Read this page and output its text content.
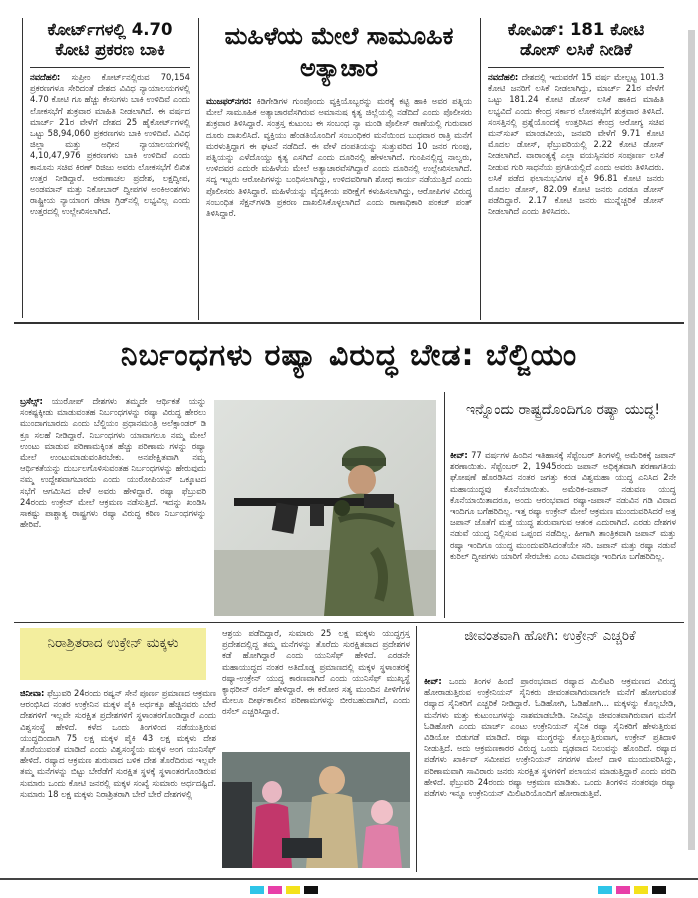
ಕೋರ್ಟ್‌ಗಳಲ್ಲಿ 4.70 ಕೋಟಿ ಪ್ರಕರಣ ಬಾಕಿ
ನವದೆಹಲಿ: ಸುಪ್ರೀಂ ಕೋರ್ಟ್‌ನಲ್ಲಿರುವ 70,154 ಪ್ರಕರಣಗಳೂ ಸೇರಿದಂತೆ ದೇಶದ ವಿವಿಧ ನ್ಯಾಯಾಲಯಗಳಲ್ಲಿ 4.70 ಕೋಟಿ ಗೂ ಹೆಚ್ಚು ಕೇಸುಗಳು ಬಾಕಿ ಉಳಿದಿವೆ ಎಂದು ಲೋಕಸಭೆಗೆ ಶುಕ್ರವಾರ ಮಾಹಿತಿ ನೀಡಲಾಗಿದೆ. ಈ ವರ್ಷದ ಮಾರ್ಚ್ 21ರ ವೇಳೆಗೆ ದೇಶದ 25 ಹೈಕೋರ್ಟ್‌ಗಳಲ್ಲಿ ಒಟ್ಟು 58,94,060 ಪ್ರಕರಣಗಳು ಬಾಕಿ ಉಳಿದಿವೆ. ವಿವಿಧ ಜಿಲ್ಲಾ ಮತ್ತು ಅಧೀನ ನ್ಯಾಯಾಲಯಗಳಲ್ಲಿ 4,10,47,976 ಪ್ರಕರಣಗಳು ಬಾಕಿ ಉಳಿದಿವೆ ಎಂದು ಕಾನೂನು ಸಚಿವ ಕಿರಣ್ ರಿಜಿಜು ಅವರು ಲೋಕಸಭೆಗೆ ಲಿಖಿತ ಉತ್ತರ ನೀಡಿದ್ದಾರೆ. ಅರುಣಾಚಲ ಪ್ರದೇಶ, ಲಕ್ಷದ್ವೀಪ, ಅಂಡಮಾನ್ ಮತ್ತು ನಿಕೋಬಾರ್ ದ್ವೀಪಗಳ ಅಂಕಿಅಂಶಗಳು ರಾಷ್ಟ್ರೀಯ ನ್ಯಾಯಾಂಗ ಡೇಟಾ ಗ್ರಿಡ್‌ನಲ್ಲಿ ಲಭ್ಯವಿಲ್ಲ ಎಂದು ಉತ್ತರದಲ್ಲಿ ಉಲ್ಲೇಖಿಸಲಾಗಿದೆ.
ಮಹಿಳೆಯ ಮೇಲೆ ಸಾಮೂಹಿಕ ಅತ್ಯಾಚಾರ
ಮುಜಫರ್‌ನಗರ: ಕಿಡಿಗೇಡಿಗಳ ಗುಂಪೊಂದು ವ್ಯಕ್ತಿಯೊಬ್ಬರನ್ನು ಮರಕ್ಕೆ ಕಟ್ಟಿ ಹಾಕಿ ಅವರ ಪತ್ನಿಯ ಮೇಲೆ ಸಾಮೂಹಿಕ ಅತ್ಯಾಚಾರವೆಸಗಿರುವ ಅಮಾನುಷ ಕೃತ್ಯ ಜಿಲ್ಲೆಯಲ್ಲಿ ನಡೆದಿದೆ ಎಂದು ಪೊಲೀಸರು ಶುಕ್ರವಾರ ತಿಳಿಸಿದ್ದಾರೆ. ಸಂತ್ರಸ್ತ ಕುಟುಂಬ ಈ ಸಂಬಂಧ ನ್ಯಾ ಮಂಡಿ ಪೊಲೀಸ್ ಠಾಣೆಯಲ್ಲಿ ಗುರುವಾರ ದೂರು ದಾಖಲಿಸಿದೆ. ವ್ಯಕ್ತಿಯು ಹೆಂಡತಿಯೊಂದಿಗೆ ಸಂಬಂಧಿಕರ ಮನೆಯಿಂದ ಬುಧವಾರ ರಾತ್ರಿ ಮನೆಗೆ ಮರಳುತ್ತಿದ್ದಾಗ ಈ ಘಟನೆ ನಡೆದಿದೆ. ಈ ವೇಳೆ ದಂಪತಿಯನ್ನು ಸುತ್ತುವರಿದ 10 ಜನರ ಗುಂಪು, ಪತ್ನಿಯನ್ನು ಎಳೆದೊಯ್ದು ಕೃತ್ಯ ಎಸಗಿದೆ ಎಂದು ದೂರಿನಲ್ಲಿ ಹೇಳಲಾಗಿದೆ. ಗುಂಪಿನಲ್ಲಿದ್ದ ನಾಲ್ವರು, ಉಳಿದವರ ಎದುರೇ ಮಹಿಳೆಯ ಮೇಲೆ ಅತ್ಯಾಚಾರವೆಸಗಿದ್ದಾರೆ ಎಂದು ದೂರಿನಲ್ಲಿ ಉಲ್ಲೇಖಿಸಲಾಗಿದೆ. ಸದ್ಯ ಇಬ್ಬರು ಆರೋಪಿಗಳನ್ನು ಬಂಧಿಸಲಾಗಿದ್ದು, ಉಳಿದವರಿಗಾಗಿ ಶೋಧ ಕಾರ್ಯ ನಡೆಯುತ್ತಿದೆ ಎಂದು ಪೊಲೀಸರು ತಿಳಿಸಿದ್ದಾರೆ. ಮಹಿಳೆಯನ್ನು ವೈದ್ಯಕೀಯ ಪರೀಕ್ಷೆಗೆ ಕಳುಹಿಸಲಾಗಿದ್ದು, ಆರೋಪಿಗಳ ವಿರುದ್ಧ ಸಂಬಂಧಿತ ಸೆಕ್ಷನ್‌ಗಳಡಿ ಪ್ರಕರಣ ದಾಖಲಿಸಿಕೊಳ್ಳಲಾಗಿದೆ ಎಂದು ಠಾಣಾಧಿಕಾರಿ ಪಂಕಜ್ ಪಂತ್ ತಿಳಿಸಿದ್ದಾರೆ.
ಕೋವಿಡ್: 181 ಕೋಟಿ ಡೋಸ್ ಲಸಿಕೆ ನೀಡಿಕೆ
ನವದೆಹಲಿ: ದೇಶದಲ್ಲಿ ಇದುವರೆಗೆ 15 ವರ್ಷ ಮೇಲ್ಪಟ್ಟ 101.3 ಕೋಟಿ ಜನರಿಗೆ ಲಸಿಕೆ ನೀಡಲಾಗಿದ್ದು, ಮಾರ್ಚ್ 21ರ ವೇಳೆಗೆ ಒಟ್ಟು 181.24 ಕೋಟಿ ಡೋಸ್ ಲಸಿಕೆ ಹಾಕಿದ ಮಾಹಿತಿ ಲಭ್ಯವಿದೆ ಎಂದು ಕೇಂದ್ರ ಸರ್ಕಾರ ಲೋಕಸಭೆಗೆ ಶುಕ್ರವಾರ ತಿಳಿಸಿದೆ. ಸಂಸತ್ತಿನಲ್ಲಿ ಪ್ರಶ್ನೆಯೊಂದಕ್ಕೆ ಉತ್ತರಿಸಿದ ಕೇಂದ್ರ ಆರೋಗ್ಯ ಸಚಿವ ಮನ್‌ಸುಖ್ ಮಾಂಡವೀಯ, ಜನವರಿ ವೇಳೆಗೆ 9.71 ಕೋಟಿ ಮೊದಲ ಡೋಸ್, ಫೆಬ್ರುವರಿಯಲ್ಲಿ 2.22 ಕೋಟಿ ಡೋಸ್ ನೀಡಲಾಗಿದೆ. ವಾರಾಂತ್ಯಕ್ಕೆ ಎಲ್ಲಾ ವಯಸ್ಸಿನವರ ಸಂಪೂರ್ಣ ಲಸಿಕೆ ನೀಡುವ ಗುರಿ ಸಾಧನೆಯ ಪ್ರಗತಿಯಲ್ಲಿದೆ ಎಂದು ಅವರು ತಿಳಿಸಿದರು. ಲಸಿಕೆ ಪಡೆದ ಫಲಾನುಭವಿಗಳ ಪೈಕಿ 96.81 ಕೋಟಿ ಜನರು ಮೊದಲ ಡೋಸ್, 82.09 ಕೋಟಿ ಜನರು ಎರಡೂ ಡೋಸ್ ಪಡೆದಿದ್ದಾರೆ. 2.17 ಕೋಟಿ ಜನರು ಮುನ್ನೆಚ್ಚರಿಕೆ ಡೋಸ್ ನೀಡಲಾಗಿದೆ ಎಂದು ತಿಳಿಸಿದರು.
ನಿರ್ಬಂಧಗಳು ರಷ್ಯಾ ವಿರುದ್ಧ ಬೇಡ: ಬೆಲ್ಜಿಯಂ
ಬ್ರಸೆಲ್ಸ್: ಯುರೋಪ್ ದೇಶಗಳು ತಮ್ಮದೇ ಆರ್ಥಿಕತೆ ಯನ್ನು ಸಂಕಷ್ಟಕ್ಕೀಡು ಮಾಡುವಂತಹ ನಿರ್ಬಂಧಗಳನ್ನು ರಷ್ಯಾ ವಿರುದ್ಧ ಹೇರಲು ಮುಂದಾಗಬಾರದು ಎಂದು ಬೆಲ್ಜಿಯಂ ಪ್ರಧಾನಮಂತ್ರಿ ಅಲೆಕ್ಸಾಂಡರ್ ಡಿ ಕ್ರೂ ಸಲಹೆ ನೀಡಿದ್ದಾರೆ. ನಿರ್ಬಂಧಗಳು ಯಾವಾಗಲೂ ನಮ್ಮ ಮೇಲೆ ಉಂಟು ಮಾಡುವ ಪರಿಣಾಮಕ್ಕಿಂತ ಹೆಚ್ಚು ಪರಿಣಾಮ ಗಳನ್ನು ರಷ್ಯಾ ಮೇಲೆ ಉಂಟುಮಾಡುವಂತಿರಬೇಕು. ಅನಪೇಕ್ಷಿತವಾಗಿ ನಮ್ಮ ಆರ್ಥಿಕತೆಯನ್ನು ದುರ್ಬಲಗೊಳಿಸುವಂತಹ ನಿರ್ಬಂಧಗಳನ್ನು ಹೇರುವುದು ನಮ್ಮ ಉದ್ದೇಶವಾಗಬಾರದು ಎಂದು ಯುರೋಪಿಯನ್ ಒಕ್ಕೂಟದ ಸಭೆಗೆ ಆಗಮಿಸಿದ ವೇಳೆ ಅವರು ಹೇಳಿದ್ದಾರೆ. ರಷ್ಯಾ ಫೆಬ್ರುವರಿ 24ರಂದು ಉಕ್ರೇನ್ ಮೇಲೆ ಆಕ್ರಮಣ ನಡೆಸುತ್ತಿದೆ. ಇದನ್ನು ಖಂಡಿಸಿ ಸಾಕಷ್ಟು ಪಾಶ್ಚಾತ್ಯ ರಾಷ್ಟ್ರಗಳು ರಷ್ಯಾ ವಿರುದ್ಧ ಕಠಿಣ ನಿರ್ಬಂಧಗಳನ್ನು ಹೇರಿವೆ.
ಇನ್ನೊಂದು ರಾಷ್ಟ್ರದೊಂದಿಗೂ ರಷ್ಯಾ ಯುದ್ಧ!
ಕೀವ್: 77 ವರ್ಷಗಳ ಹಿಂದಿನ ಇತಿಹಾಸಕ್ಕೆ ಸೆಪ್ಟೆಂಬರ್ ತಿಂಗಳಲ್ಲಿ ಅಮೆರಿಕಕ್ಕೆ ಜಪಾನ್ ಶರಣಾಯಿತು. ಸೆಪ್ಟೆಂಬರ್ 2, 1945ರಂದು ಜಪಾನ್ ಅಧಿಕೃತವಾಗಿ ಶರಣಾಗತಿಯ ಘೋಷಣೆ ಹೊರಡಿಸಿದ ನಂತರ ಜಗತ್ತು ಕಂಡ ವಿಶ್ವಮಹಾ ಯುದ್ಧ ಎನಿಸಿದ 2ನೇ ಮಹಾಯುದ್ಧವು ಕೊನೆಯಾಯಿತು. ಅಮೆರಿಕ-ಜಪಾನ್ ನಡುವಣ ಯುದ್ಧ ಕೊನೆಯಾಯಿತಾದರೂ, ಅಂದು ಆರಂಭವಾದ ರಷ್ಯಾ-ಜಪಾನ್ ನಡುವಿನ ಗಡಿ ವಿವಾದ ಇಂದಿಗೂ ಬಗೆಹರಿದಿಲ್ಲ. ಇತ್ತ ರಷ್ಯಾ ಉಕ್ರೇನ್ ಮೇಲೆ ಆಕ್ರಮಣ ಮುಂದುವರಿಸಿದರೆ ಅತ್ತ ಜಪಾನ್ ಜೊತೆಗೆ ಮತ್ತೆ ಯುದ್ಧ ಶುರುವಾಗುವ ಆತಂಕ ಎದುರಾಗಿದೆ. ಎರಡು ದೇಶಗಳ ನಡುವೆ ಯುದ್ಧ ನಿಲ್ಲಿಸುವ ಒಪ್ಪಂದ ನಡೆದಿಲ್ಲ. ಹೀಗಾಗಿ ತಾಂತ್ರಿಕವಾಗಿ ಜಪಾನ್ ಮತ್ತು ರಷ್ಯಾ ಇಂದಿಗೂ ಯುದ್ಧ ಮುಂದುವರಿಸಿದಂತೆಯೇ ಸರಿ. ಜಪಾನ್ ಮತ್ತು ರಷ್ಯಾ ನಡುವೆ ಕುರಿಲ್ ದ್ವೀಪಗಳು ಯಾರಿಗೆ ಸೇರಬೇಕು ಎಂಬ ವಿವಾದವೂ ಇಂದಿಗೂ ಬಗೆಹರಿದಿಲ್ಲ.
ನಿರಾಶ್ರಿತರಾದ ಉಕ್ರೇನ್ ಮಕ್ಕಳು
ಜಿನೀವಾ: ಫೆಬ್ರುವರಿ 24ರಂದು ರಷ್ಯನ್ ಸೇನೆ ಪೂರ್ಣ ಪ್ರಮಾಣದ ಆಕ್ರಮಣ ಆರಂಭಿಸಿದ ನಂತರ ಉಕ್ರೇನಿನ ಮಕ್ಕಳ ಪೈಕಿ ಅರ್ಧಕ್ಕೂ ಹೆಚ್ಚಿನವರು ಬೇರೆ ದೇಶಗಳಿಗೆ ಇಲ್ಲವೇ ಸುರಕ್ಷಿತ ಪ್ರದೇಶಗಳಿಗೆ ಸ್ಥಳಾಂತರಗೊಂಡಿದ್ದಾರೆ ಎಂದು ವಿಶ್ವಸಂಸ್ಥೆ ಹೇಳಿದೆ. ಕಳೆದ ಒಂದು ತಿಂಗಳಿಂದ ನಡೆಯುತ್ತಿರುವ ಯುದ್ಧದಿಂದಾಗಿ 75 ಲಕ್ಷ ಮಕ್ಕಳ ಪೈಕಿ 43 ಲಕ್ಷ ಮಕ್ಕಳು ದೇಶ ತೊರೆಯುವಂತೆ ಮಾಡಿದೆ ಎಂದು ವಿಶ್ವಸಂಸ್ಥೆಯ ಮಕ್ಕಳ ಅಂಗ ಯುನಿಸೆಫ್ ಹೇಳಿದೆ. ರಷ್ಯಾದ ಆಕ್ರಮಣ ಶುರುವಾದ ಬಳಿಕ ದೇಶ ತೊರೆದಿರುವ ಇಲ್ಲವೇ ತಮ್ಮ ಮನೆಗಳನ್ನು ಬಿಟ್ಟು ಬೇರೆಡೆಗೆ ಸುರಕ್ಷಿತ ಸ್ಥಳಕ್ಕೆ ಸ್ಥಳಾಂತರಗೊಂಡಿರುವ ಸುಮಾರು ಒಂದು ಕೋಟಿ ಜನರಲ್ಲಿ ಮಕ್ಕಳ ಸಂಖ್ಯೆ ಸುಮಾರು ಅರ್ಧದಷ್ಟಿದೆ. ಸುಮಾರು 18 ಲಕ್ಷ ಮಕ್ಕಳು ನಿರಾಶ್ರಿತರಾಗಿ ಬೇರೆ ಬೇರೆ ದೇಶಗಳಲ್ಲಿ
ಆಶ್ರಯ ಪಡೆದಿದ್ದಾರೆ, ಸುಮಾರು 25 ಲಕ್ಷ ಮಕ್ಕಳು ಯುದ್ಧಗ್ರಸ್ತ ಪ್ರದೇಶದಲ್ಲಿದ್ದ ತಮ್ಮ ಮನೆಗಳನ್ನು ತೊರೆದು ಸುರಕ್ಷಿತವಾದ ಪ್ರದೇಶಗಳ ಕಡೆ ಹೋಗಿದ್ದಾರೆ ಎಂದು ಯುನಿಸೆಫ್ ಹೇಳಿದೆ. ಎರಡನೇ ಮಹಾಯುದ್ಧದ ನಂತರ ಅತಿದೊಡ್ಡ ಪ್ರಮಾಣದಲ್ಲಿ ಮಕ್ಕಳ ಸ್ಥಳಾಂತರಕ್ಕೆ ರಷ್ಯಾ-ಉಕ್ರೇನ್ ಯುದ್ಧ ಕಾರಣವಾಗಿದೆ ಎಂದು ಯುನಿಸೆಫ್ ಮುಖ್ಯಸ್ಥೆ ಕ್ಯಾಥರೀನ್ ರಸೆಲ್ ಹೇಳಿದ್ದಾರೆ. ಈ ಕಠೋರ ಸತ್ಯ ಮುಂದಿನ ಪೀಳಿಗೆಗಳ ಮೇಲೂ ದೀರ್ಘಕಾಲೀನ ಪರಿಣಾಮಗಳನ್ನು ಬೀರಬಹುದಾಗಿದೆ, ಎಂದು ರಸೆಲ್ ಎಚ್ಚರಿಸಿದ್ದಾರೆ.
ಜೀವಂತವಾಗಿ ಹೋಗಿ: ಉಕ್ರೇನ್ ಎಚ್ಚರಿಕೆ
ಕೀವ್: ಒಂದು ತಿಂಗಳ ಹಿಂದೆ ಪ್ರಾರಂಭವಾದ ರಷ್ಯಾದ ಮಿಲಿಟರಿ ಆಕ್ರಮಣದ ವಿರುದ್ಧ ಹೋರಾಡುತ್ತಿರುವ ಉಕ್ರೇನಿಯನ್ ಸೈನಿಕರು ಜೀವಂತವಾಗಿರುವಾಗಲೇ ಮನೆಗೆ ಹೋಗುವಂತೆ ರಷ್ಯಾದ ಸೈನಿಕರಿಗೆ ಎಚ್ಚರಿಕೆ ನೀಡಿದ್ದಾರೆ. ಓಡಿಹೋಗಿ, ಓಡಿಹೋಗಿ... ಮಕ್ಕಳನ್ನು ಕೊಲ್ಲಬೇಡಿ, ಮನೆಗಳು ಮತ್ತು ಕುಟುಂಬಗಳನ್ನು ನಾಶಮಾಡಬೇಡಿ. ನೀವಿನ್ನೂ ಜೀವಂತವಾಗಿರುವಾಗ ಮನೆಗೆ ಓಡಿಹೋಗಿ ಎಂದು ಮಾರ್ಚ್ ಎಂಟು ಉಕ್ರೇನಿಯನ್ ಸೈನಿಕ ರಷ್ಯಾ ಸೈನಿಕರಿಗೆ ಹೇಳುತ್ತಿರುವ ವಿಡಿಯೋ ಬಿಡುಗಡೆ ಮಾಡಿದೆ. ರಷ್ಯಾ ಮುಗ್ಧರನ್ನು ಕೊಲ್ಲುತ್ತಿರುವಾಗ, ಉಕ್ರೇನ್ ಪ್ರತಿದಾಳಿ ನೀಡುತ್ತಿದೆ. ಅದು ಆಕ್ರಮಣಕಾರರ ವಿರುದ್ಧ ಒಂದು ದೃಢವಾದ ನಿಲುವನ್ನು ಹೊಂದಿದೆ. ರಷ್ಯಾದ ಪಡೆಗಳು ಖಾರ್ಕಿವ್ ಸಮೀಪದ ಉಕ್ರೇನಿಯನ್ ನಗರಗಳ ಮೇಲೆ ದಾಳಿ ಮುಂದುವರಿಸಿದ್ದು, ಪರಿಣಾಮವಾಗಿ ಸಾವಿರಾರು ಜನರು ಸುರಕ್ಷಿತ ಸ್ಥಳಗಳಿಗೆ ಪಲಾಯನ ಮಾಡುತ್ತಿದ್ದಾರೆ ಎಂದು ವರದಿ ಹೇಳಿದೆ. ಫೆಬ್ರುವರಿ 24ರಂದು ರಷ್ಯಾ ಆಕ್ರಮಣ ಮಾಡಿತು. ಒಂದು ತಿಂಗಳಿನ ನಂತರವೂ ರಷ್ಯಾ ಪಡೆಗಳು ಇನ್ನೂ ಉಕ್ರೇನಿಯನ್ ಮಿಲಿಟರಿಯೊಂದಿಗೆ ಹೋರಾಡುತ್ತಿವೆ.
